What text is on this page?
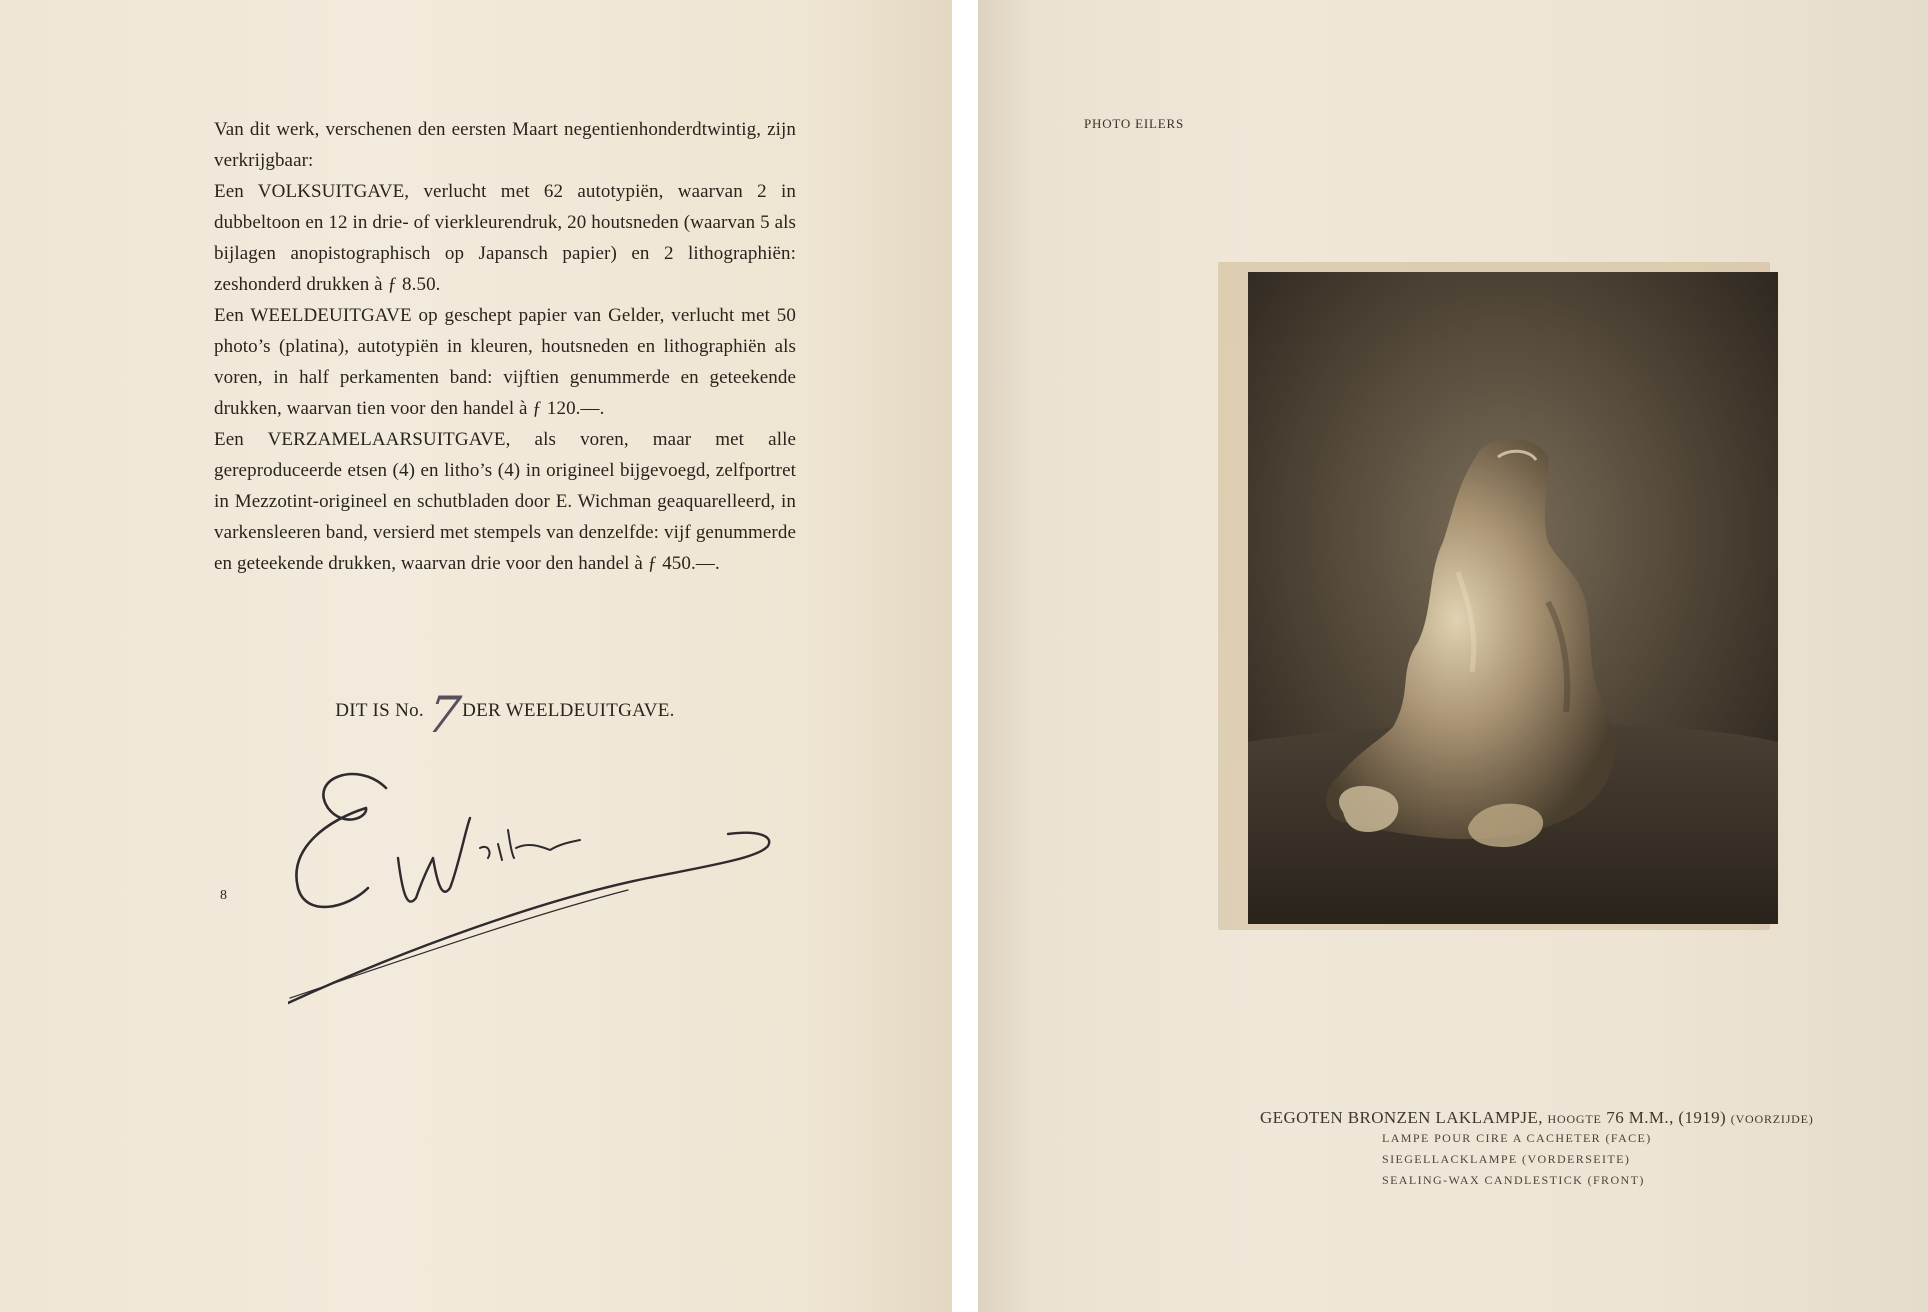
Van dit werk, verschenen den eersten Maart negentienhonderdtwintig, zijn verkrijgbaar:

Een VOLKSUITGAVE, verlucht met 62 autotypiën, waarvan 2 in dubbeltoon en 12 in drie- of vierkleurendruk, 20 houtsneden (waarvan 5 als bijlagen anopistographisch op Japansch papier) en 2 lithographiën: zeshonderd drukken à ƒ 8.50.

Een WEELDEUITGAVE op geschept papier van Gelder, verlucht met 50 photo’s (platina), autotypiën in kleuren, houtsneden en lithographiën als voren, in half perkamenten band: vijftien genummerde en geteekende drukken, waarvan tien voor den handel à ƒ 120.—.

Een VERZAMELAARSUITGAVE, als voren, maar met alle gereproduceerde etsen (4) en litho’s (4) in origineel bijgevoegd, zelfportret in Mezzotint-origineel en schutbladen door E. Wichman geaquarelleerd, in varkensleeren band, versierd met stempels van denzelfde: vijf genummerde en geteekende drukken, waarvan drie voor den handel à ƒ 450.—.

DIT IS No.7DER WEELDEUITGAVE.
8
PHOTO EILERS
GEGOTEN BRONZEN LAKLAMPJE, HOOGTE 76 M.M., (1919) (VOORZIJDE)
LAMPE POUR CIRE A CACHETER (FACE)
SIEGELLACKLAMPE (VORDERSEITE)
SEALING-WAX CANDLESTICK (FRONT)
